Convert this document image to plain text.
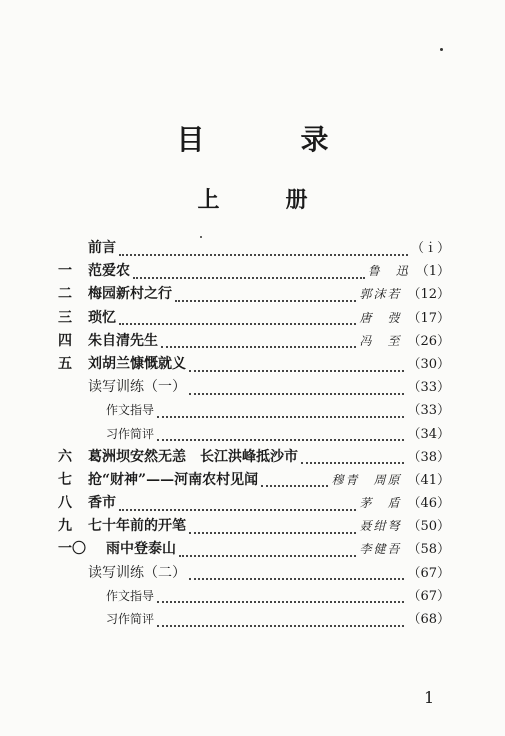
目　录
上　册
前言	（ｉ）
一	范爱农	鲁　迅 （1）
二	梅园新村之行	郭沫若 （12）
三	琐忆	唐　弢 （17）
四	朱自清先生	冯　至 （26）
五	刘胡兰慷慨就义	（30）
读写训练（一）	（33）
作文指导	（33）
习作简评	（34）
六	葛洲坝安然无恙　长江洪峰抵沙市	（38）
七	抢“财神”——河南农村见闻	穆青　周原 （41）
八	香市	茅　盾 （46）
九	七十年前的开笔	聂绀弩 （50）
一〇	雨中登泰山	李健吾 （58）
读写训练（二）	（67）
作文指导	（67）
习作简评	（68）
1
